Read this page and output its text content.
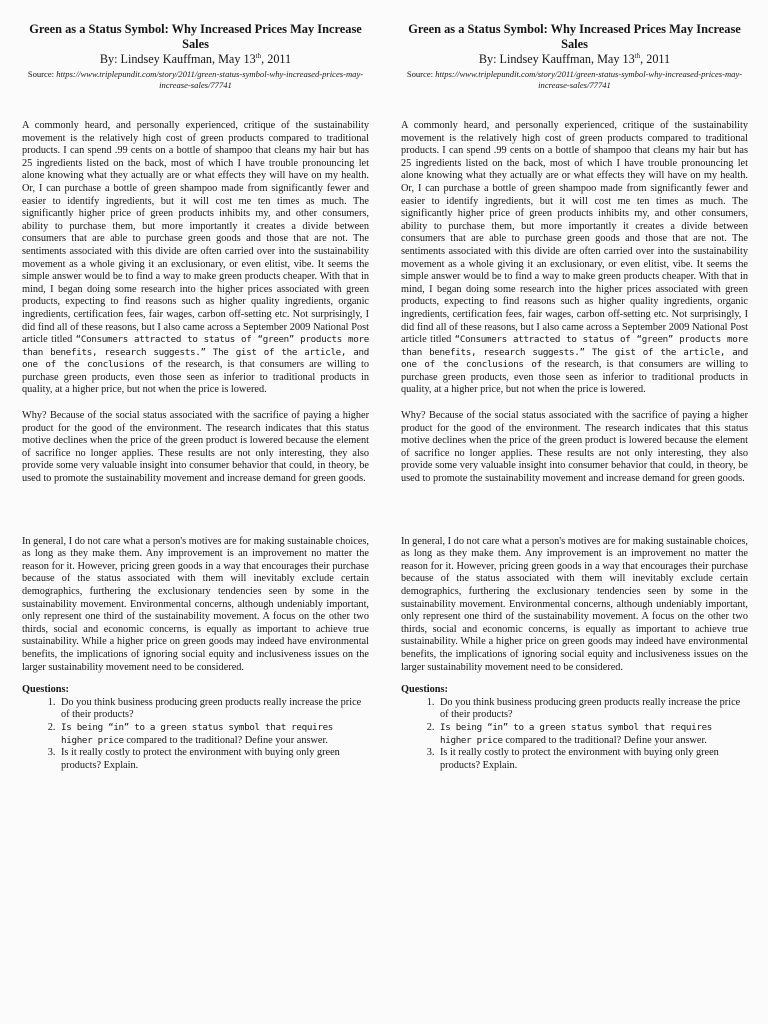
Green as a Status Symbol: Why Increased Prices May Increase Sales

By: Lindsey Kauffman, May 13th, 2011

Source: https://www.triplepundit.com/story/2011/green-status-symbol-why-increased-prices-may-increase-sales/77741

A commonly heard, and personally experienced, critique of the sustainability movement is the relatively high cost of green products compared to traditional products. I can spend .99 cents on a bottle of shampoo that cleans my hair but has 25 ingredients listed on the back, most of which I have trouble pronouncing let alone knowing what they actually are or what effects they will have on my health. Or, I can purchase a bottle of green shampoo made from significantly fewer and easier to identify ingredients, but it will cost me ten times as much. The significantly higher price of green products inhibits my, and other consumers, ability to purchase them, but more importantly it creates a divide between consumers that are able to purchase green goods and those that are not. The sentiments associated with this divide are often carried over into the sustainability movement as a whole giving it an exclusionary, or even elitist, vibe. It seems the simple answer would be to find a way to make green products cheaper. With that in mind, I began doing some research into the higher prices associated with green products, expecting to find reasons such as higher quality ingredients, organic ingredients, certification fees, fair wages, carbon off-setting etc. Not surprisingly, I did find all of these reasons, but I also came across a September 2009 National Post article titled “Consumers attracted to status of “green” products more than benefits, research suggests.” The gist of the article, and one of the conclusions of the research, is that consumers are willing to purchase green products, even those seen as inferior to traditional products in quality, at a higher price, but not when the price is lowered.

Why? Because of the social status associated with the sacrifice of paying a higher product for the good of the environment. The research indicates that this status motive declines when the price of the green product is lowered because the element of sacrifice no longer applies. These results are not only interesting, they also provide some very valuable insight into consumer behavior that could, in theory, be used to promote the sustainability movement and increase demand for green goods.

In general, I do not care what a person's motives are for making sustainable choices, as long as they make them. Any improvement is an improvement no matter the reason for it. However, pricing green goods in a way that encourages their purchase because of the status associated with them will inevitably exclude certain demographics, furthering the exclusionary tendencies seen by some in the sustainability movement. Environmental concerns, although undeniably important, only represent one third of the sustainability movement. A focus on the other two thirds, social and economic concerns, is equally as important to achieve true sustainability. While a higher price on green goods may indeed have environmental benefits, the implications of ignoring social equity and inclusiveness issues on the larger sustainability movement need to be considered.

Questions:

1. Do you think business producing green products really increase the price of their products?
2. Is being “in” to a green status symbol that requires higher price compared to the traditional? Define your answer.
3. Is it really costly to protect the environment with buying only green products? Explain.
Green as a Status Symbol: Why Increased Prices May Increase Sales

By: Lindsey Kauffman, May 13th, 2011

Source: https://www.triplepundit.com/story/2011/green-status-symbol-why-increased-prices-may-increase-sales/77741

A commonly heard, and personally experienced, critique of the sustainability movement is the relatively high cost of green products compared to traditional products. I can spend .99 cents on a bottle of shampoo that cleans my hair but has 25 ingredients listed on the back, most of which I have trouble pronouncing let alone knowing what they actually are or what effects they will have on my health. Or, I can purchase a bottle of green shampoo made from significantly fewer and easier to identify ingredients, but it will cost me ten times as much. The significantly higher price of green products inhibits my, and other consumers, ability to purchase them, but more importantly it creates a divide between consumers that are able to purchase green goods and those that are not. The sentiments associated with this divide are often carried over into the sustainability movement as a whole giving it an exclusionary, or even elitist, vibe. It seems the simple answer would be to find a way to make green products cheaper. With that in mind, I began doing some research into the higher prices associated with green products, expecting to find reasons such as higher quality ingredients, organic ingredients, certification fees, fair wages, carbon off-setting etc. Not surprisingly, I did find all of these reasons, but I also came across a September 2009 National Post article titled “Consumers attracted to status of “green” products more than benefits, research suggests.” The gist of the article, and one of the conclusions of the research, is that consumers are willing to purchase green products, even those seen as inferior to traditional products in quality, at a higher price, but not when the price is lowered.

Why? Because of the social status associated with the sacrifice of paying a higher product for the good of the environment. The research indicates that this status motive declines when the price of the green product is lowered because the element of sacrifice no longer applies. These results are not only interesting, they also provide some very valuable insight into consumer behavior that could, in theory, be used to promote the sustainability movement and increase demand for green goods.

In general, I do not care what a person's motives are for making sustainable choices, as long as they make them. Any improvement is an improvement no matter the reason for it. However, pricing green goods in a way that encourages their purchase because of the status associated with them will inevitably exclude certain demographics, furthering the exclusionary tendencies seen by some in the sustainability movement. Environmental concerns, although undeniably important, only represent one third of the sustainability movement. A focus on the other two thirds, social and economic concerns, is equally as important to achieve true sustainability. While a higher price on green goods may indeed have environmental benefits, the implications of ignoring social equity and inclusiveness issues on the larger sustainability movement need to be considered.

Questions:

1. Do you think business producing green products really increase the price of their products?
2. Is being “in” to a green status symbol that requires higher price compared to the traditional? Define your answer.
3. Is it really costly to protect the environment with buying only green products? Explain.
